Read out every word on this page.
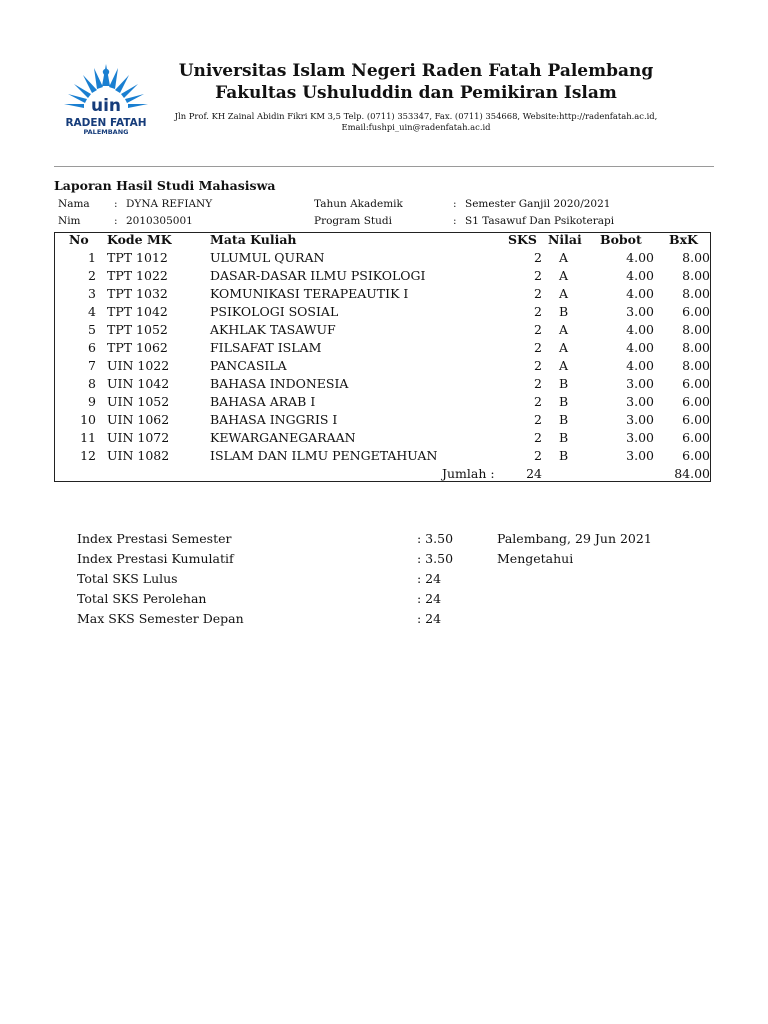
uin
RADEN FATAH
PALEMBANG
Universitas Islam Negeri Raden Fatah Palembang
Fakultas Ushuluddin dan Pemikiran Islam
Jln Prof. KH Zainal Abidin Fikri KM 3,5 Telp. (0711) 353347, Fax. (0711) 354668, Website:http://radenfatah.ac.id,
Email:fushpi_uin@radenfatah.ac.id
Laporan Hasil Studi Mahasiswa
Nama : DYNA REFIANY
Nim	: 2010305001
Tahun Akademik	: Semester Ganjil 2020/2021
Program Studi	: S1 Tasawuf Dan Psikoterapi
No Kode MK	Mata Kuliah	SKS Nilai Bobot BxK
1 TPT 1012	ULUMUL QURAN	2 A	4.00	8.00
2 TPT 1022	DASAR-DASAR ILMU PSIKOLOGI	2 A	4.00	8.00
3 TPT 1032	KOMUNIKASI TERAPEAUTIK I	2 A	4.00	8.00
4 TPT 1042	PSIKOLOGI SOSIAL	2 B	3.00	6.00
5 TPT 1052	AKHLAK TASAWUF	2 A	4.00	8.00
6 TPT 1062	FILSAFAT ISLAM	2 A	4.00	8.00
7 UIN 1022	PANCASILA	2 A	4.00	8.00
8 UIN 1042	BAHASA INDONESIA	2 B	3.00	6.00
9 UIN 1052	BAHASA ARAB I	2 B	3.00	6.00
10 UIN 1062	BAHASA INGGRIS I	2 B	3.00	6.00
11 UIN 1072	KEWARGANEGARAAN	2 B	3.00	6.00
12 UIN 1082	ISLAM DAN ILMU PENGETAHUAN	2 B	3.00	6.00
Jumlah :	24	84.00
Index Prestasi Semester	: 3.50
Index Prestasi Kumulatif	: 3.50
Total SKS Lulus	: 24
Total SKS Perolehan	: 24
Max SKS Semester Depan	: 24
Palembang, 29 Jun 2021
Mengetahui
